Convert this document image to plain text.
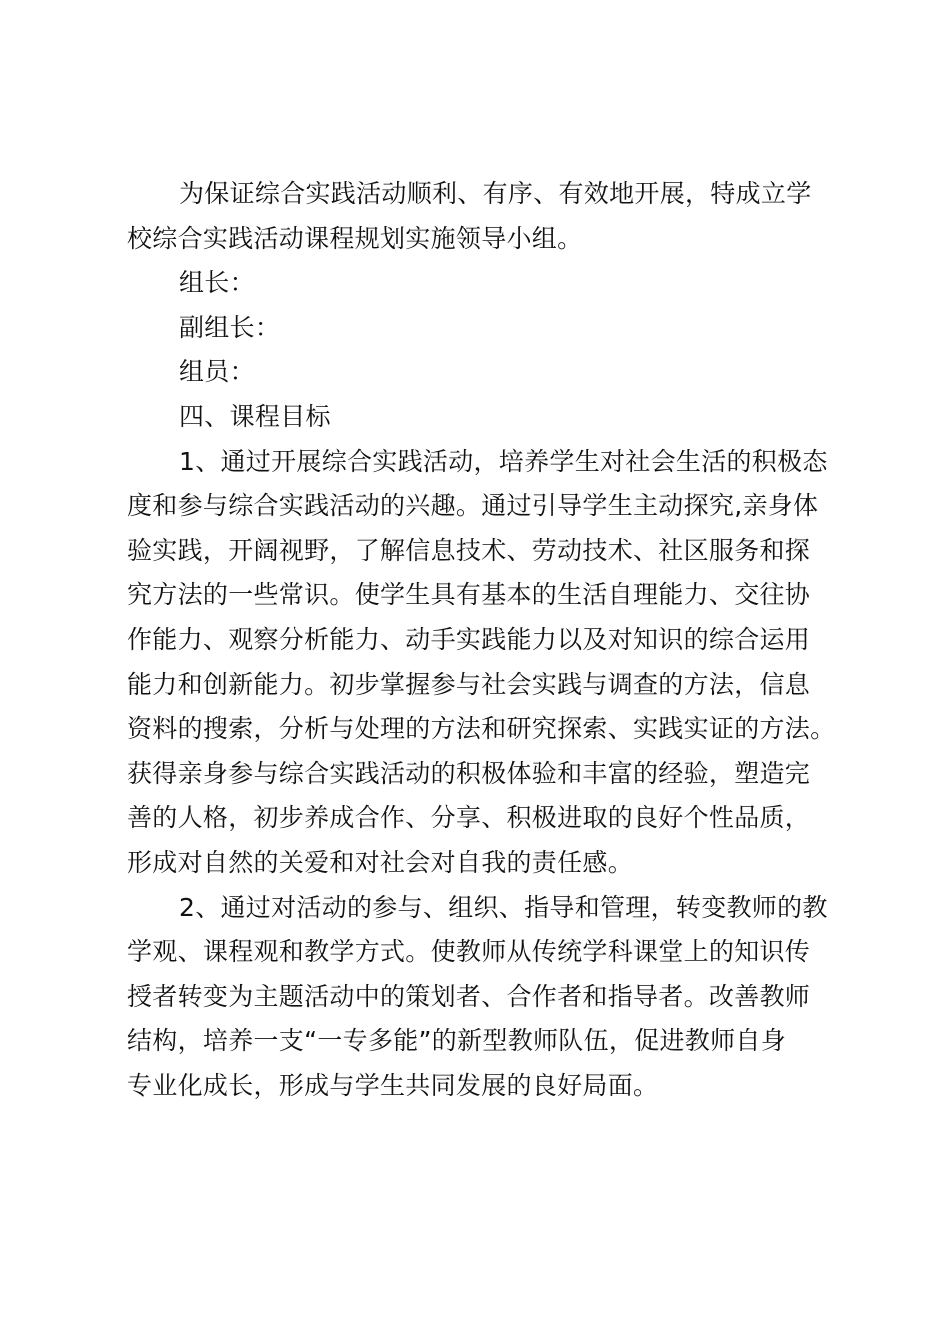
为保证综合实践活动顺利、有序、有效地开展，特成立学
校综合实践活动课程规划实施领导小组。
组长：
副组长：
组员：
四、课程目标
1、通过开展综合实践活动，培养学生对社会生活的积极态
度和参与综合实践活动的兴趣。通过引导学生主动探究,亲身体
验实践，开阔视野，了解信息技术、劳动技术、社区服务和探
究方法的一些常识。使学生具有基本的生活自理能力、交往协
作能力、观察分析能力、动手实践能力以及对知识的综合运用
能力和创新能力。初步掌握参与社会实践与调查的方法，信息
资料的搜索，分析与处理的方法和研究探索、实践实证的方法。
获得亲身参与综合实践活动的积极体验和丰富的经验，塑造完
善的人格，初步养成合作、分享、积极进取的良好个性品质，
形成对自然的关爱和对社会对自我的责任感。
2、通过对活动的参与、组织、指导和管理，转变教师的教
学观、课程观和教学方式。使教师从传统学科课堂上的知识传
授者转变为主题活动中的策划者、合作者和指导者。改善教师
结构，培养一支“一专多能”的新型教师队伍，促进教师自身
专业化成长，形成与学生共同发展的良好局面。
